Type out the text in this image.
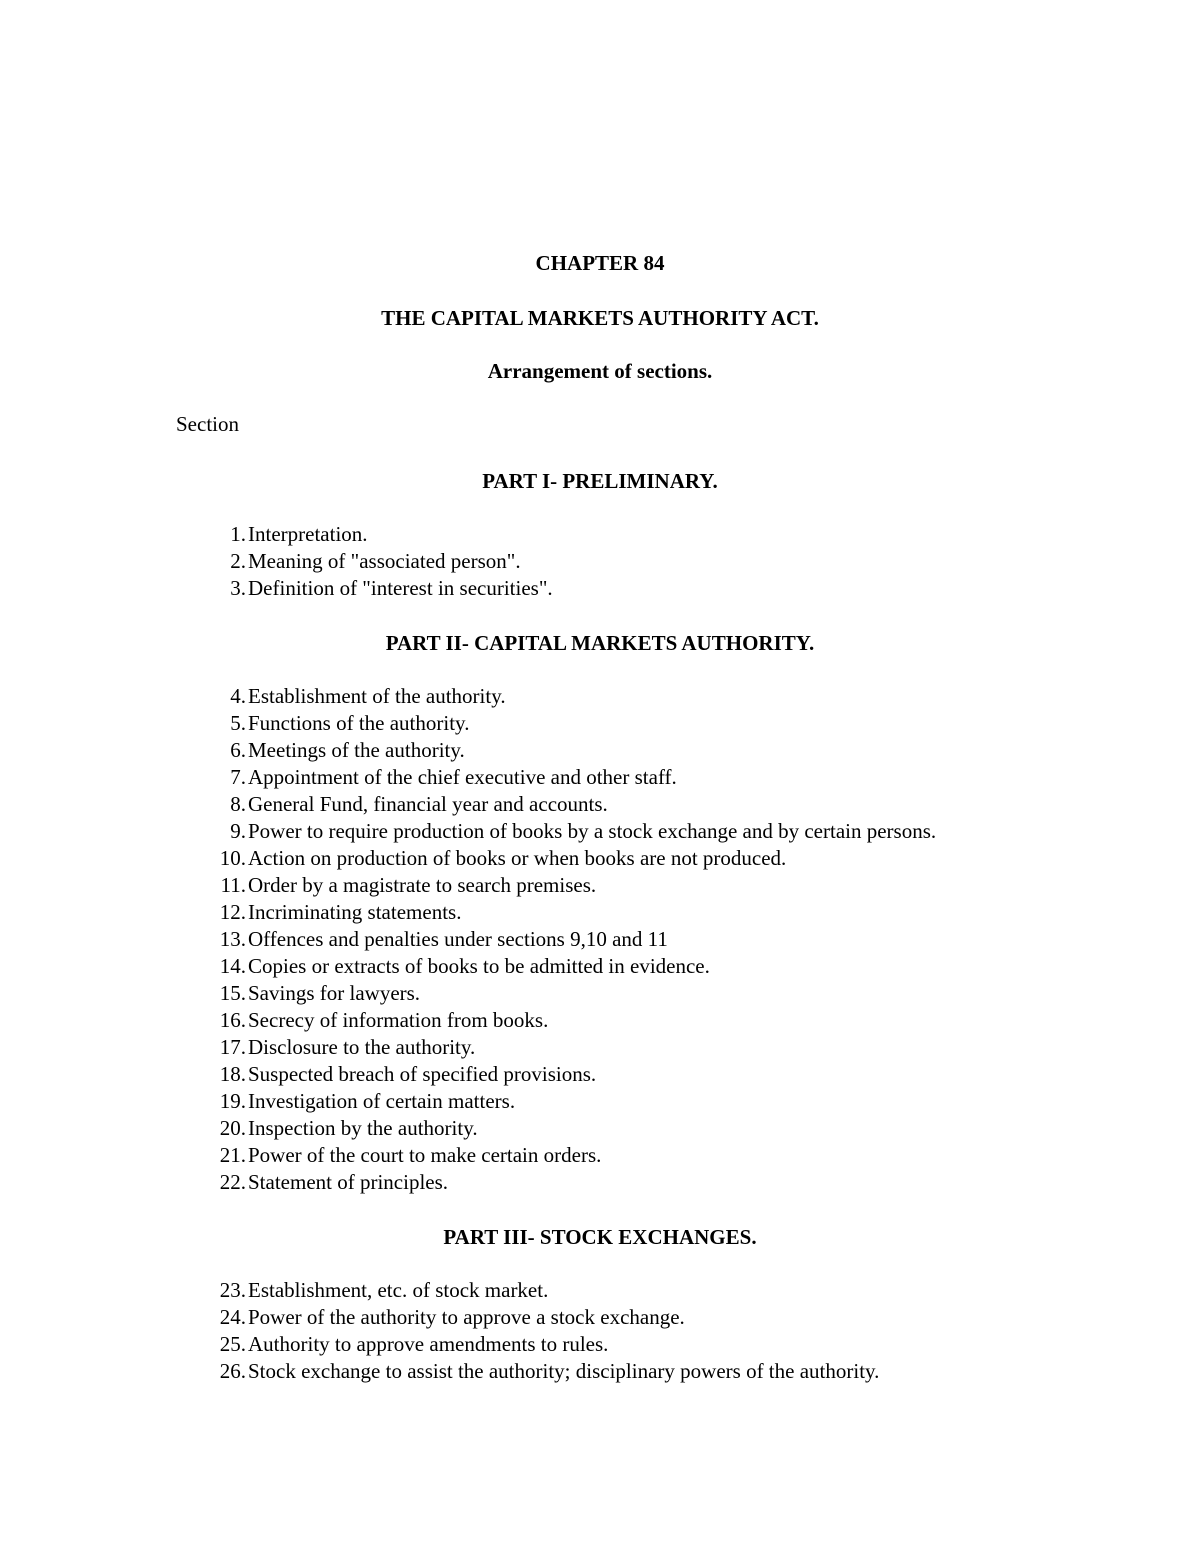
CHAPTER 84
THE CAPITAL MARKETS AUTHORITY ACT.
Arrangement of sections.
Section
PART I- PRELIMINARY.
1. Interpretation.
2. Meaning of "associated person".
3. Definition of "interest in securities".
PART II- CAPITAL MARKETS AUTHORITY.
4. Establishment of the authority.
5. Functions of the authority.
6. Meetings of the authority.
7. Appointment of the chief executive and other staff.
8. General Fund, financial year and accounts.
9. Power to require production of books by a stock exchange and by certain persons.
10. Action on production of books or when books are not produced.
11. Order by a magistrate to search premises.
12. Incriminating statements.
13. Offences and penalties under sections 9,10 and 11
14. Copies or extracts of books to be admitted in evidence.
15. Savings for lawyers.
16. Secrecy of information from books.
17. Disclosure to the authority.
18. Suspected breach of specified provisions.
19. Investigation of certain matters.
20. Inspection by the authority.
21. Power of the court to make certain orders.
22. Statement of principles.
PART III- STOCK EXCHANGES.
23. Establishment, etc. of stock market.
24. Power of the authority to approve a stock exchange.
25. Authority to approve amendments to rules.
26. Stock exchange to assist the authority; disciplinary powers of the authority.
